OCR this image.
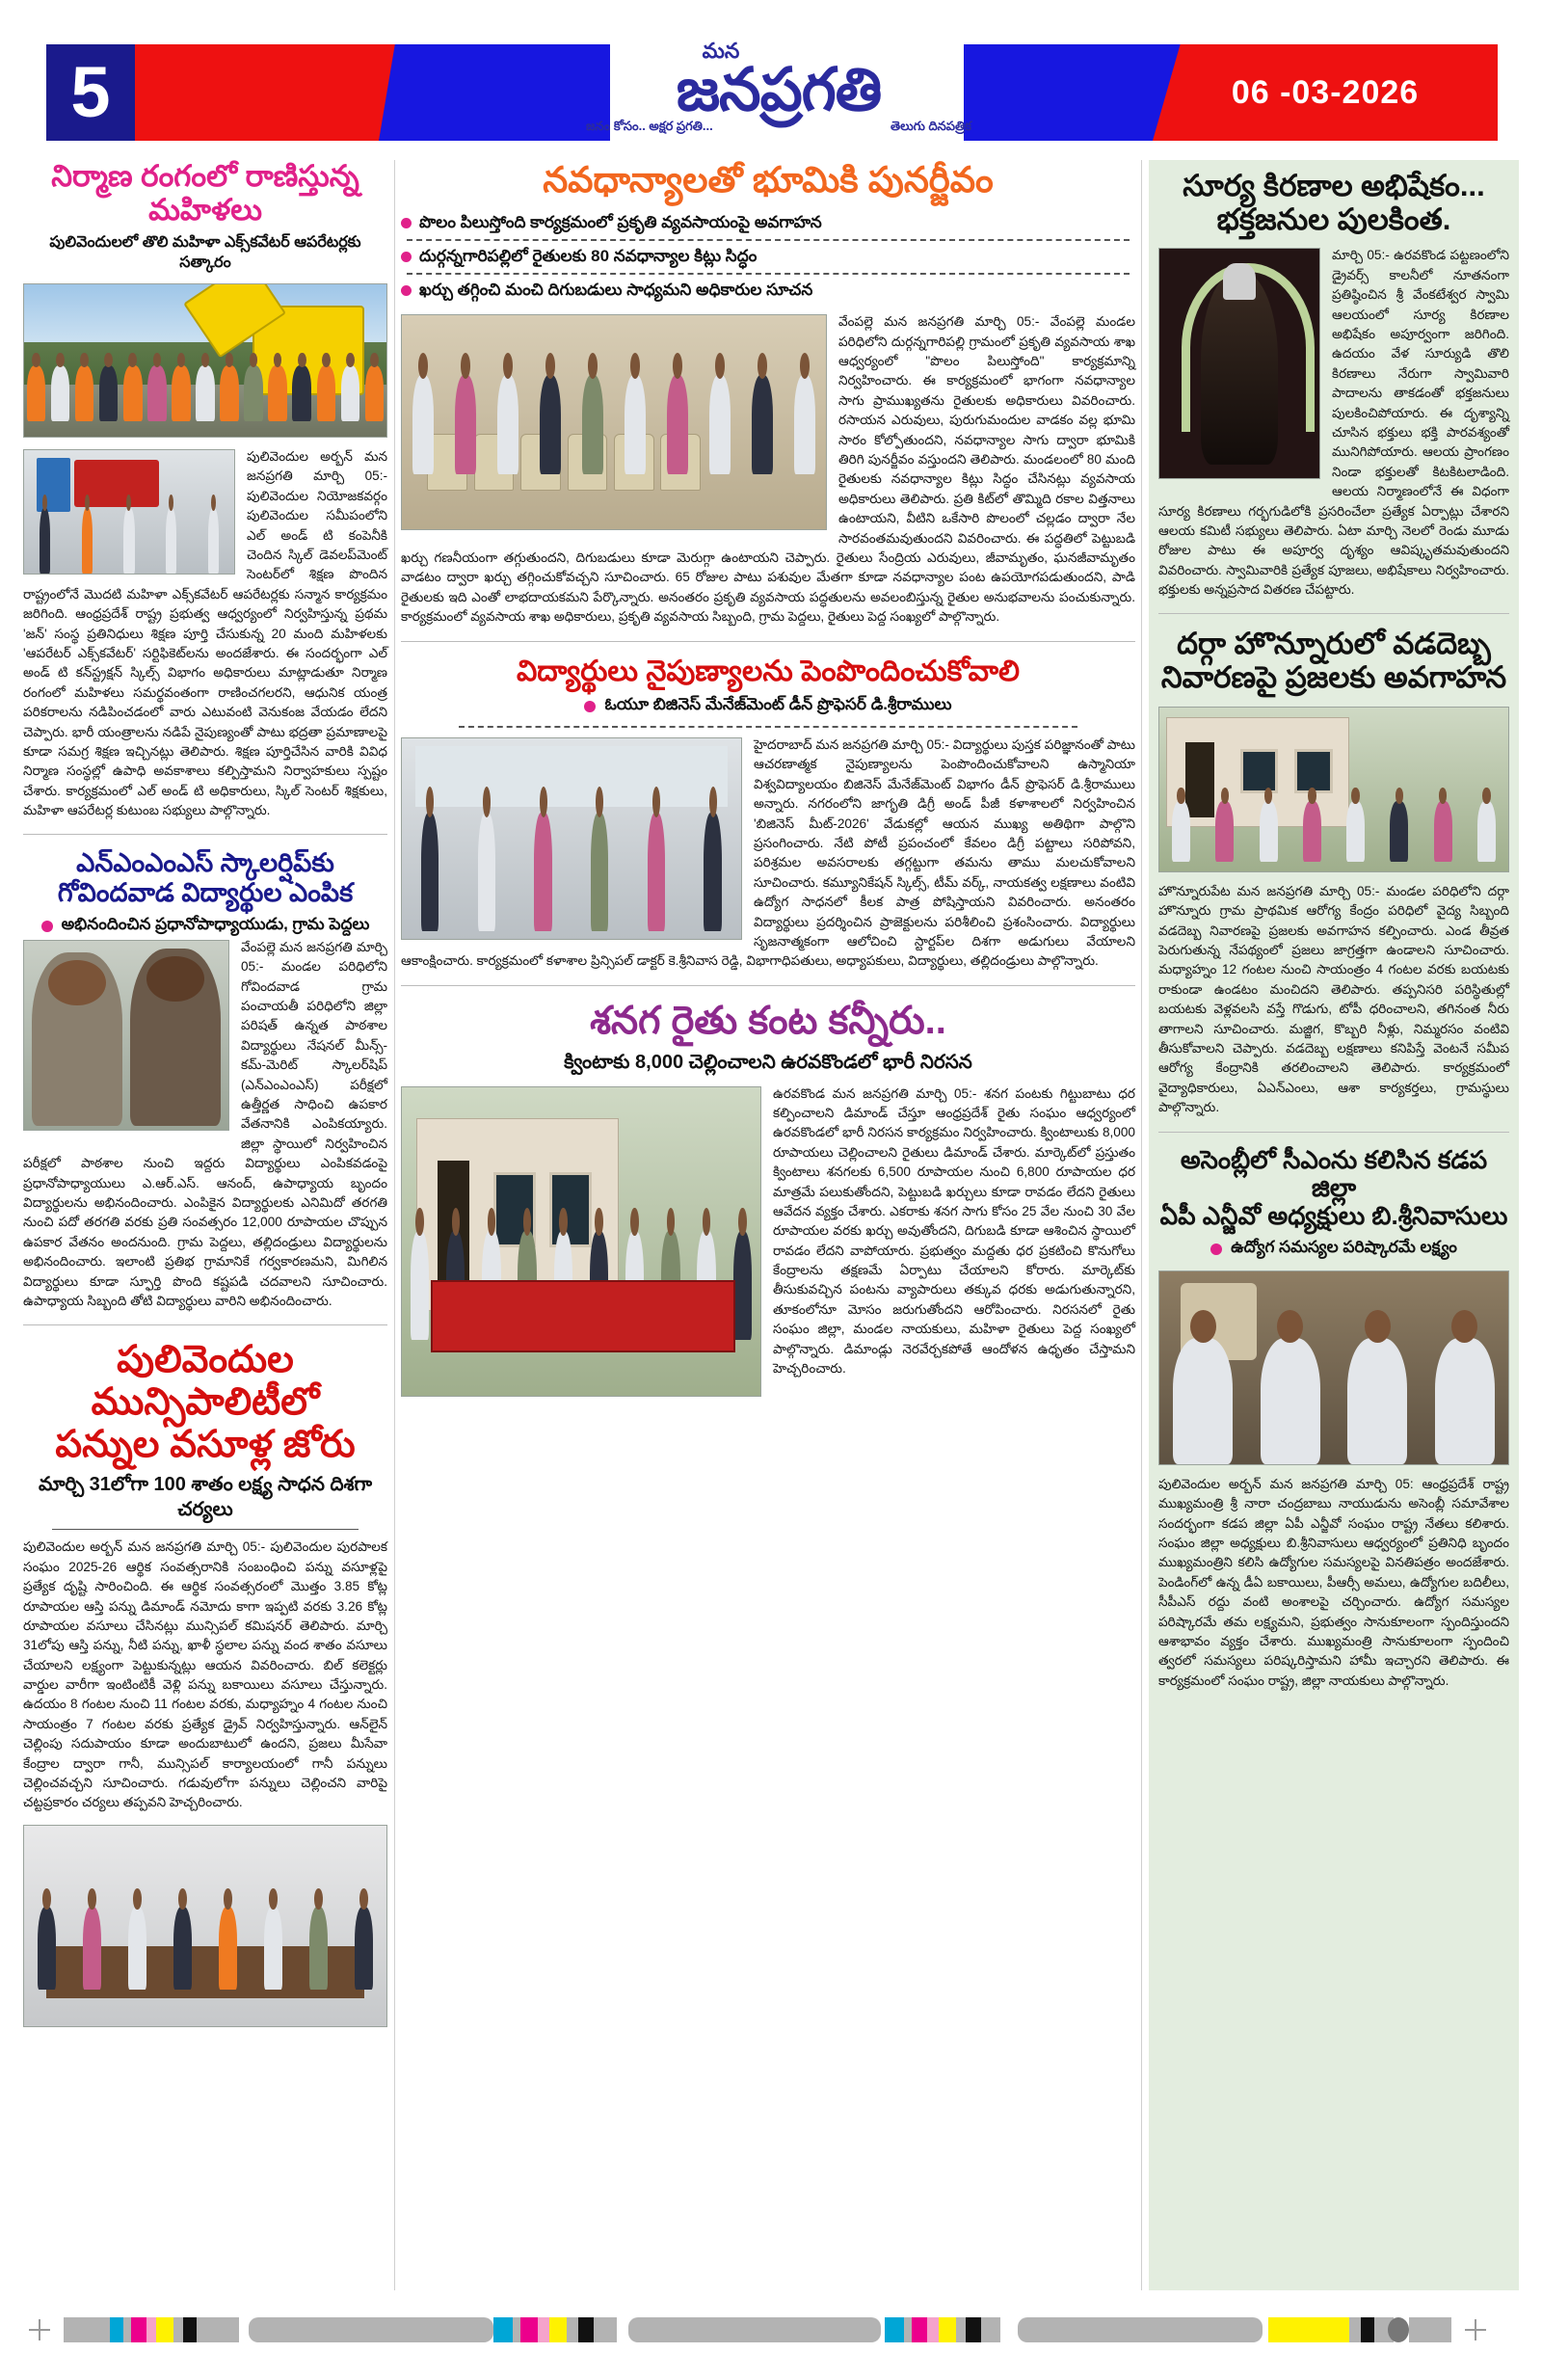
5	06 -03-2026
మన
జనప్రగతి
జనం కోసం.. అక్షర ప్రగతి...	తెలుగు దినపత్రిక
నిర్మాణ రంగంలో రాణిస్తున్న మహిళలు
పులివెందులలో తొలి మహిళా ఎక్స్‌కవేటర్ ఆపరేటర్లకు సత్కారం
పులివెందుల అర్బన్ మన జనప్రగతి మార్చి 05:- పులివెందుల నియోజకవర్గం పులివెందుల సమీపంలోని ఎల్ అండ్ టి కంపెనీకి చెందిన స్కిల్ డెవలప్‌మెంట్ సెంటర్‌లో శిక్షణ పొందిన రాష్ట్రంలోనే మొదటి మహిళా ఎక్స్‌కవేటర్ ఆపరేటర్లకు సన్మాన కార్యక్రమం జరిగింది. ఆంధ్రప్రదేశ్ రాష్ట్ర ప్రభుత్వ ఆధ్వర్యంలో నిర్వహిస్తున్న ప్రథమ 'జన్' సంస్థ ప్రతినిధులు శిక్షణ పూర్తి చేసుకున్న 20 మంది మహిళలకు 'ఆపరేటర్ ఎక్స్‌కవేటర్' సర్టిఫికెట్‌లను అందజేశారు. ఈ సందర్భంగా ఎల్ అండ్ టి కన్‌స్ట్రక్షన్ స్కిల్స్ విభాగం అధికారులు మాట్లాడుతూ నిర్మాణ రంగంలో మహిళలు సమర్థవంతంగా రాణించగలరని, ఆధునిక యంత్ర పరికరాలను నడిపించడంలో వారు ఎటువంటి వెనుకంజ వేయడం లేదని చెప్పారు. భారీ యంత్రాలను నడిపే నైపుణ్యంతో పాటు భద్రతా ప్రమాణాలపై కూడా సమగ్ర శిక్షణ ఇచ్చినట్లు తెలిపారు. శిక్షణ పూర్తిచేసిన వారికి వివిధ నిర్మాణ సంస్థల్లో ఉపాధి అవకాశాలు కల్పిస్తామని నిర్వాహకులు స్పష్టం చేశారు. కార్యక్రమంలో ఎల్ అండ్ టి అధికారులు, స్కిల్ సెంటర్ శిక్షకులు, మహిళా ఆపరేటర్ల కుటుంబ సభ్యులు పాల్గొన్నారు.
ఎన్ఎంఎంఎస్ స్కాలర్షిప్‌కు గోవిందవాడ విద్యార్థుల ఎంపిక
అభినందించిన ప్రధానోపాధ్యాయుడు, గ్రామ పెద్దలు
వేంపల్లె మన జనప్రగతి మార్చి 05:- మండల పరిధిలోని గోవిందవాడ గ్రామ పంచాయతీ పరిధిలోని జిల్లా పరిషత్ ఉన్నత పాఠశాల విద్యార్థులు నేషనల్ మీన్స్-కమ్-మెరిట్ స్కాలర్‌షిప్ (ఎన్ఎంఎంఎస్) పరీక్షలో ఉత్తీర్ణత సాధించి ఉపకార వేతనానికి ఎంపికయ్యారు. జిల్లా స్థాయిలో నిర్వహించిన పరీక్షలో పాఠశాల నుంచి ఇద్దరు విద్యార్థులు ఎంపికవడంపై ప్రధానోపాధ్యాయులు ఎ.ఆర్.ఎస్. ఆనంద్, ఉపాధ్యాయ బృందం విద్యార్థులను అభినందించారు. ఎంపికైన విద్యార్థులకు ఎనిమిదో తరగతి నుంచి పదో తరగతి వరకు ప్రతి సంవత్సరం 12,000 రూపాయల చొప్పున ఉపకార వేతనం అందనుంది. గ్రామ పెద్దలు, తల్లిదండ్రులు విద్యార్థులను అభినందించారు. ఇలాంటి ప్రతిభ గ్రామానికే గర్వకారణమని, మిగిలిన విద్యార్థులు కూడా స్ఫూర్తి పొంది కష్టపడి చదవాలని సూచించారు. ఉపాధ్యాయ సిబ్బంది తోటి విద్యార్థులు వారిని అభినందించారు.
పులివెందుల మున్సిపాలిటీలో
పన్నుల వసూళ్ల జోరు
మార్చి 31లోగా 100 శాతం లక్ష్య సాధన దిశగా చర్యలు
పులివెందుల అర్బన్ మన జనప్రగతి మార్చి 05:- పులివెందుల పురపాలక సంఘం 2025-26 ఆర్థిక సంవత్సరానికి సంబంధించి పన్ను వసూళ్లపై ప్రత్యేక దృష్టి సారించింది. ఈ ఆర్థిక సంవత్సరంలో మొత్తం 3.85 కోట్ల రూపాయల ఆస్తి పన్ను డిమాండ్ నమోదు కాగా ఇప్పటి వరకు 3.26 కోట్ల రూపాయల వసూలు చేసినట్లు మున్సిపల్ కమిషనర్ తెలిపారు. మార్చి 31లోపు ఆస్తి పన్ను, నీటి పన్ను, ఖాళీ స్థలాల పన్ను వంద శాతం వసూలు చేయాలని లక్ష్యంగా పెట్టుకున్నట్లు ఆయన వివరించారు. బిల్ కలెక్టర్లు వార్డుల వారీగా ఇంటింటికీ వెళ్లి పన్ను బకాయిలు వసూలు చేస్తున్నారు. ఉదయం 8 గంటల నుంచి 11 గంటల వరకు, మధ్యాహ్నం 4 గంటల నుంచి సాయంత్రం 7 గంటల వరకు ప్రత్యేక డ్రైవ్ నిర్వహిస్తున్నారు. ఆన్‌లైన్ చెల్లింపు సదుపాయం కూడా అందుబాటులో ఉందని, ప్రజలు మీసేవా కేంద్రాల ద్వారా గానీ, మున్సిపల్ కార్యాలయంలో గానీ పన్నులు చెల్లించవచ్చని సూచించారు. గడువులోగా పన్నులు చెల్లించని వారిపై చట్టప్రకారం చర్యలు తప్పవని హెచ్చరించారు.
నవధాన్యాలతో భూమికి పునర్జీవం
పొలం పిలుస్తోంది కార్యక్రమంలో ప్రకృతి వ్యవసాయంపై అవగాహన
దుర్గన్నగారిపల్లిలో రైతులకు 80 నవధాన్యాల కిట్లు సిద్ధం
ఖర్చు తగ్గించి మంచి దిగుబడులు సాధ్యమని అధికారుల సూచన
వేంపల్లె మన జనప్రగతి మార్చి 05:- వేంపల్లె మండల పరిధిలోని దుర్గన్నగారిపల్లి గ్రామంలో ప్రకృతి వ్యవసాయ శాఖ ఆధ్వర్యంలో "పొలం పిలుస్తోంది" కార్యక్రమాన్ని నిర్వహించారు. ఈ కార్యక్రమంలో భాగంగా నవధాన్యాల సాగు ప్రాముఖ్యతను రైతులకు అధికారులు వివరించారు. రసాయన ఎరువులు, పురుగుమందుల వాడకం వల్ల భూమి సారం కోల్పోతుందని, నవధాన్యాల సాగు ద్వారా భూమికి తిరిగి పునర్జీవం వస్తుందని తెలిపారు. మండలంలో 80 మంది రైతులకు నవధాన్యాల కిట్లు సిద్ధం చేసినట్లు వ్యవసాయ అధికారులు తెలిపారు. ప్రతి కిట్‌లో తొమ్మిది రకాల విత్తనాలు ఉంటాయని, వీటిని ఒకేసారి పొలంలో చల్లడం ద్వారా నేల సారవంతమవుతుందని వివరించారు. ఈ పద్ధతిలో పెట్టుబడి ఖర్చు గణనీయంగా తగ్గుతుందని, దిగుబడులు కూడా మెరుగ్గా ఉంటాయని చెప్పారు. రైతులు సేంద్రియ ఎరువులు, జీవామృతం, ఘనజీవామృతం వాడటం ద్వారా ఖర్చు తగ్గించుకోవచ్చని సూచించారు. 65 రోజుల పాటు పశువుల మేతగా కూడా నవధాన్యాల పంట ఉపయోగపడుతుందని, పాడి రైతులకు ఇది ఎంతో లాభదాయకమని పేర్కొన్నారు. అనంతరం ప్రకృతి వ్యవసాయ పద్ధతులను అవలంబిస్తున్న రైతుల అనుభవాలను పంచుకున్నారు. కార్యక్రమంలో వ్యవసాయ శాఖ అధికారులు, ప్రకృతి వ్యవసాయ సిబ్బంది, గ్రామ పెద్దలు, రైతులు పెద్ద సంఖ్యలో పాల్గొన్నారు.
విద్యార్థులు నైపుణ్యాలను పెంపొందించుకోవాలి
ఓయూ బిజినెస్ మేనేజ్‌మెంట్ డీన్ ప్రొఫెసర్ డి.శ్రీరాములు
హైదరాబాద్ మన జనప్రగతి మార్చి 05:- విద్యార్థులు పుస్తక పరిజ్ఞానంతో పాటు ఆచరణాత్మక నైపుణ్యాలను పెంపొందించుకోవాలని ఉస్మానియా విశ్వవిద్యాలయం బిజినెస్ మేనేజ్‌మెంట్ విభాగం డీన్ ప్రొఫెసర్ డి.శ్రీరాములు అన్నారు. నగరంలోని జాగృతి డిగ్రీ అండ్ పీజీ కళాశాలలో నిర్వహించిన 'బిజినెస్ మీట్-2026' వేడుకల్లో ఆయన ముఖ్య అతిథిగా పాల్గొని ప్రసంగించారు. నేటి పోటీ ప్రపంచంలో కేవలం డిగ్రీ పట్టాలు సరిపోవని, పరిశ్రమల అవసరాలకు తగ్గట్టుగా తమను తాము మలచుకోవాలని సూచించారు. కమ్యూనికేషన్ స్కిల్స్, టీమ్ వర్క్, నాయకత్వ లక్షణాలు వంటివి ఉద్యోగ సాధనలో కీలక పాత్ర పోషిస్తాయని వివరించారు. అనంతరం విద్యార్థులు ప్రదర్శించిన ప్రాజెక్టులను పరిశీలించి ప్రశంసించారు. విద్యార్థులు సృజనాత్మకంగా ఆలోచించి స్టార్టప్‌ల దిశగా అడుగులు వేయాలని ఆకాంక్షించారు. కార్యక్రమంలో కళాశాల ప్రిన్సిపల్ డాక్టర్ కె.శ్రీనివాస రెడ్డి, విభాగాధిపతులు, అధ్యాపకులు, విద్యార్థులు, తల్లిదండ్రులు పాల్గొన్నారు.
శనగ రైతు కంట కన్నీరు..
క్వింటాకు 8,000 చెల్లించాలని ఉరవకొండలో భారీ నిరసన
ఉరవకొండ మన జనప్రగతి మార్చి 05:- శనగ పంటకు గిట్టుబాటు ధర కల్పించాలని డిమాండ్ చేస్తూ ఆంధ్రప్రదేశ్ రైతు సంఘం ఆధ్వర్యంలో ఉరవకొండలో భారీ నిరసన కార్యక్రమం నిర్వహించారు. క్వింటాలుకు 8,000 రూపాయలు చెల్లించాలని రైతులు డిమాండ్ చేశారు. మార్కెట్‌లో ప్రస్తుతం క్వింటాలు శనగలకు 6,500 రూపాయల నుంచి 6,800 రూపాయల ధర మాత్రమే పలుకుతోందని, పెట్టుబడి ఖర్చులు కూడా రావడం లేదని రైతులు ఆవేదన వ్యక్తం చేశారు. ఎకరాకు శనగ సాగు కోసం 25 వేల నుంచి 30 వేల రూపాయల వరకు ఖర్చు అవుతోందని, దిగుబడి కూడా ఆశించిన స్థాయిలో రావడం లేదని వాపోయారు. ప్రభుత్వం మద్దతు ధర ప్రకటించి కొనుగోలు కేంద్రాలను తక్షణమే ఏర్పాటు చేయాలని కోరారు. మార్కెట్‌కు తీసుకువచ్చిన పంటను వ్యాపారులు తక్కువ ధరకు అడుగుతున్నారని, తూకంలోనూ మోసం జరుగుతోందని ఆరోపించారు. నిరసనలో రైతు సంఘం జిల్లా, మండల నాయకులు, మహిళా రైతులు పెద్ద సంఖ్యలో పాల్గొన్నారు. డిమాండ్లు నెరవేర్చకపోతే ఆందోళన ఉధృతం చేస్తామని హెచ్చరించారు.
సూర్య కిరణాల అభిషేకం...
భక్తజనుల పులకింత.
మార్చి 05:- ఉరవకొండ పట్టణంలోని డ్రైవర్స్ కాలనీలో నూతనంగా ప్రతిష్ఠించిన శ్రీ వేంకటేశ్వర స్వామి ఆలయంలో సూర్య కిరణాల అభిషేకం అపూర్వంగా జరిగింది. ఉదయం వేళ సూర్యుడి తొలి కిరణాలు నేరుగా స్వామివారి పాదాలను తాకడంతో భక్తజనులు పులకించిపోయారు. ఈ దృశ్యాన్ని చూసిన భక్తులు భక్తి పారవశ్యంతో మునిగిపోయారు. ఆలయ ప్రాంగణం నిండా భక్తులతో కిటకిటలాడింది. ఆలయ నిర్మాణంలోనే ఈ విధంగా సూర్య కిరణాలు గర్భగుడిలోకి ప్రసరించేలా ప్రత్యేక ఏర్పాట్లు చేశారని ఆలయ కమిటీ సభ్యులు తెలిపారు. ఏటా మార్చి నెలలో రెండు మూడు రోజుల పాటు ఈ అపూర్వ దృశ్యం ఆవిష్కృతమవుతుందని వివరించారు. స్వామివారికి ప్రత్యేక పూజలు, అభిషేకాలు నిర్వహించారు. భక్తులకు అన్నప్రసాద వితరణ చేపట్టారు.
దర్గా హొన్నూరులో వడదెబ్బ
నివారణపై ప్రజలకు అవగాహన
హొన్నూరుపేట మన జనప్రగతి మార్చి 05:- మండల పరిధిలోని దర్గా హొన్నూరు గ్రామ ప్రాథమిక ఆరోగ్య కేంద్రం పరిధిలో వైద్య సిబ్బంది వడదెబ్బ నివారణపై ప్రజలకు అవగాహన కల్పించారు. ఎండ తీవ్రత పెరుగుతున్న నేపథ్యంలో ప్రజలు జాగ్రత్తగా ఉండాలని సూచించారు. మధ్యాహ్నం 12 గంటల నుంచి సాయంత్రం 4 గంటల వరకు బయటకు రాకుండా ఉండటం మంచిదని తెలిపారు. తప్పనిసరి పరిస్థితుల్లో బయటకు వెళ్లవలసి వస్తే గొడుగు, టోపీ ధరించాలని, తగినంత నీరు తాగాలని సూచించారు. మజ్జిగ, కొబ్బరి నీళ్లు, నిమ్మరసం వంటివి తీసుకోవాలని చెప్పారు. వడదెబ్బ లక్షణాలు కనిపిస్తే వెంటనే సమీప ఆరోగ్య కేంద్రానికి తరలించాలని తెలిపారు. కార్యక్రమంలో వైద్యాధికారులు, ఏఎన్ఎంలు, ఆశా కార్యకర్తలు, గ్రామస్థులు పాల్గొన్నారు.
అసెంబ్లీలో సీఎంను కలిసిన కడప జిల్లా
ఏపీ ఎన్జీవో అధ్యక్షులు బి.శ్రీనివాసులు
ఉద్యోగ సమస్యల పరిష్కారమే లక్ష్యం
పులివెందుల అర్బన్ మన జనప్రగతి మార్చి 05: ఆంధ్రప్రదేశ్ రాష్ట్ర ముఖ్యమంత్రి శ్రీ నారా చంద్రబాబు నాయుడును అసెంబ్లీ సమావేశాల సందర్భంగా కడప జిల్లా ఏపీ ఎన్జీవో సంఘం రాష్ట్ర నేతలు కలిశారు. సంఘం జిల్లా అధ్యక్షులు బి.శ్రీనివాసులు ఆధ్వర్యంలో ప్రతినిధి బృందం ముఖ్యమంత్రిని కలిసి ఉద్యోగుల సమస్యలపై వినతిపత్రం అందజేశారు. పెండింగ్‌లో ఉన్న డీఏ బకాయిలు, పీఆర్సీ అమలు, ఉద్యోగుల బదిలీలు, సీపీఎస్ రద్దు వంటి అంశాలపై చర్చించారు. ఉద్యోగ సమస్యల పరిష్కారమే తమ లక్ష్యమని, ప్రభుత్వం సానుకూలంగా స్పందిస్తుందని ఆశాభావం వ్యక్తం చేశారు. ముఖ్యమంత్రి సానుకూలంగా స్పందించి త్వరలో సమస్యలు పరిష్కరిస్తామని హామీ ఇచ్చారని తెలిపారు. ఈ కార్యక్రమంలో సంఘం రాష్ట్ర, జిల్లా నాయకులు పాల్గొన్నారు.
